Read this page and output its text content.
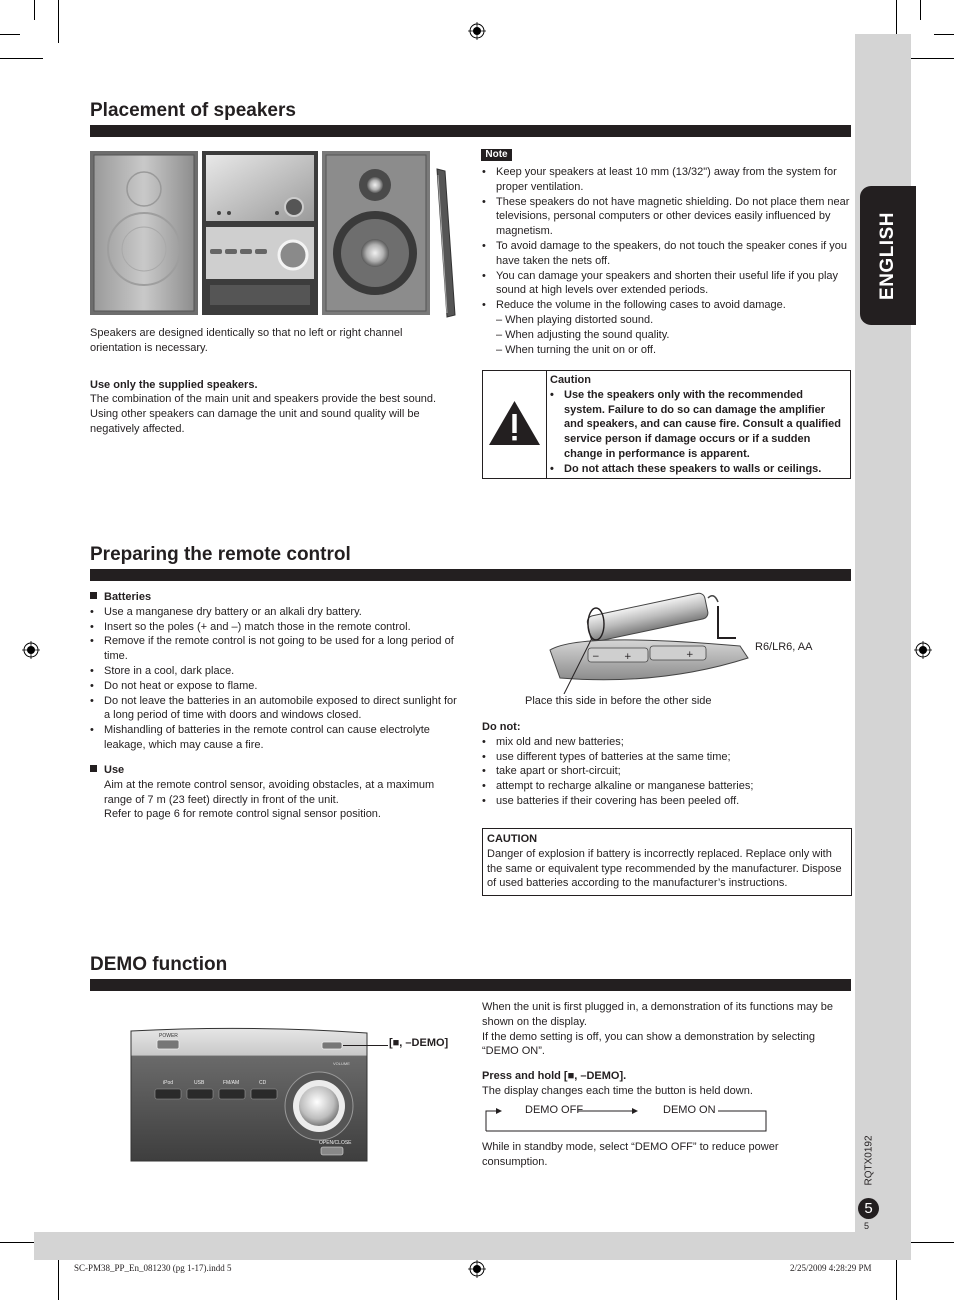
ENGLISH
RQTX0192
5
5
Placement of speakers
Speakers are designed identically so that no left or right channel orientation is necessary.
Use only the supplied speakers.
The combination of the main unit and speakers provide the best sound. Using other speakers can damage the unit and sound quality will be negatively affected.
Note
• Keep your speakers at least 10 mm (13/32") away from the system for proper ventilation.
• These speakers do not have magnetic shielding. Do not place them near televisions, personal computers or other devices easily influenced by magnetism.
• To avoid damage to the speakers, do not touch the speaker cones if you have taken the nets off.
• You can damage your speakers and shorten their useful life if you play sound at high levels over extended periods.
• Reduce the volume in the following cases to avoid damage.
– When playing distorted sound.
– When adjusting the sound quality.
– When turning the unit on or off.
Caution
• Use the speakers only with the recommended system. Failure to do so can damage the amplifier and speakers, and can cause fire. Consult a qualified service person if damage occurs or if a sudden change in performance is apparent.
• Do not attach these speakers to walls or ceilings.
Preparing the remote control
Batteries
• Use a manganese dry battery or an alkali dry battery.
• Insert so the poles (+ and –) match those in the remote control.
• Remove if the remote control is not going to be used for a long period of time.
• Store in a cool, dark place.
• Do not heat or expose to flame.
• Do not leave the batteries in an automobile exposed to direct sunlight for a long period of time with doors and windows closed.
• Mishandling of batteries in the remote control can cause electrolyte leakage, which may cause a fire.
Use
Aim at the remote control sensor, avoiding obstacles, at a maximum range of 7 m (23 feet) directly in front of the unit.
Refer to page 6 for remote control signal sensor position.
−	+	+
R6/LR6, AA
Place this side in before the other side
Do not:
• mix old and new batteries;
• use different types of batteries at the same time;
• take apart or short-circuit;
• attempt to recharge alkaline or manganese batteries;
• use batteries if their covering has been peeled off.
CAUTION
Danger of explosion if battery is incorrectly replaced. Replace only with the same or equivalent type recommended by the manufacturer. Dispose of used batteries according to the manufacturer’s instructions.
DEMO function
POWER
iPod	USB	FM/AM	CD
VOLUME
OPEN/CLOSE
[■, –DEMO]
When the unit is first plugged in, a demonstration of its functions may be shown on the display.
If the demo setting is off, you can show a demonstration by selecting “DEMO ON”.
Press and hold [■, –DEMO].
The display changes each time the button is held down.
DEMO OFF	DEMO ON
While in standby mode, select “DEMO OFF” to reduce power consumption.
SC-PM38_PP_En_081230 (pg 1-17).indd 5	2/25/2009 4:28:29 PM
